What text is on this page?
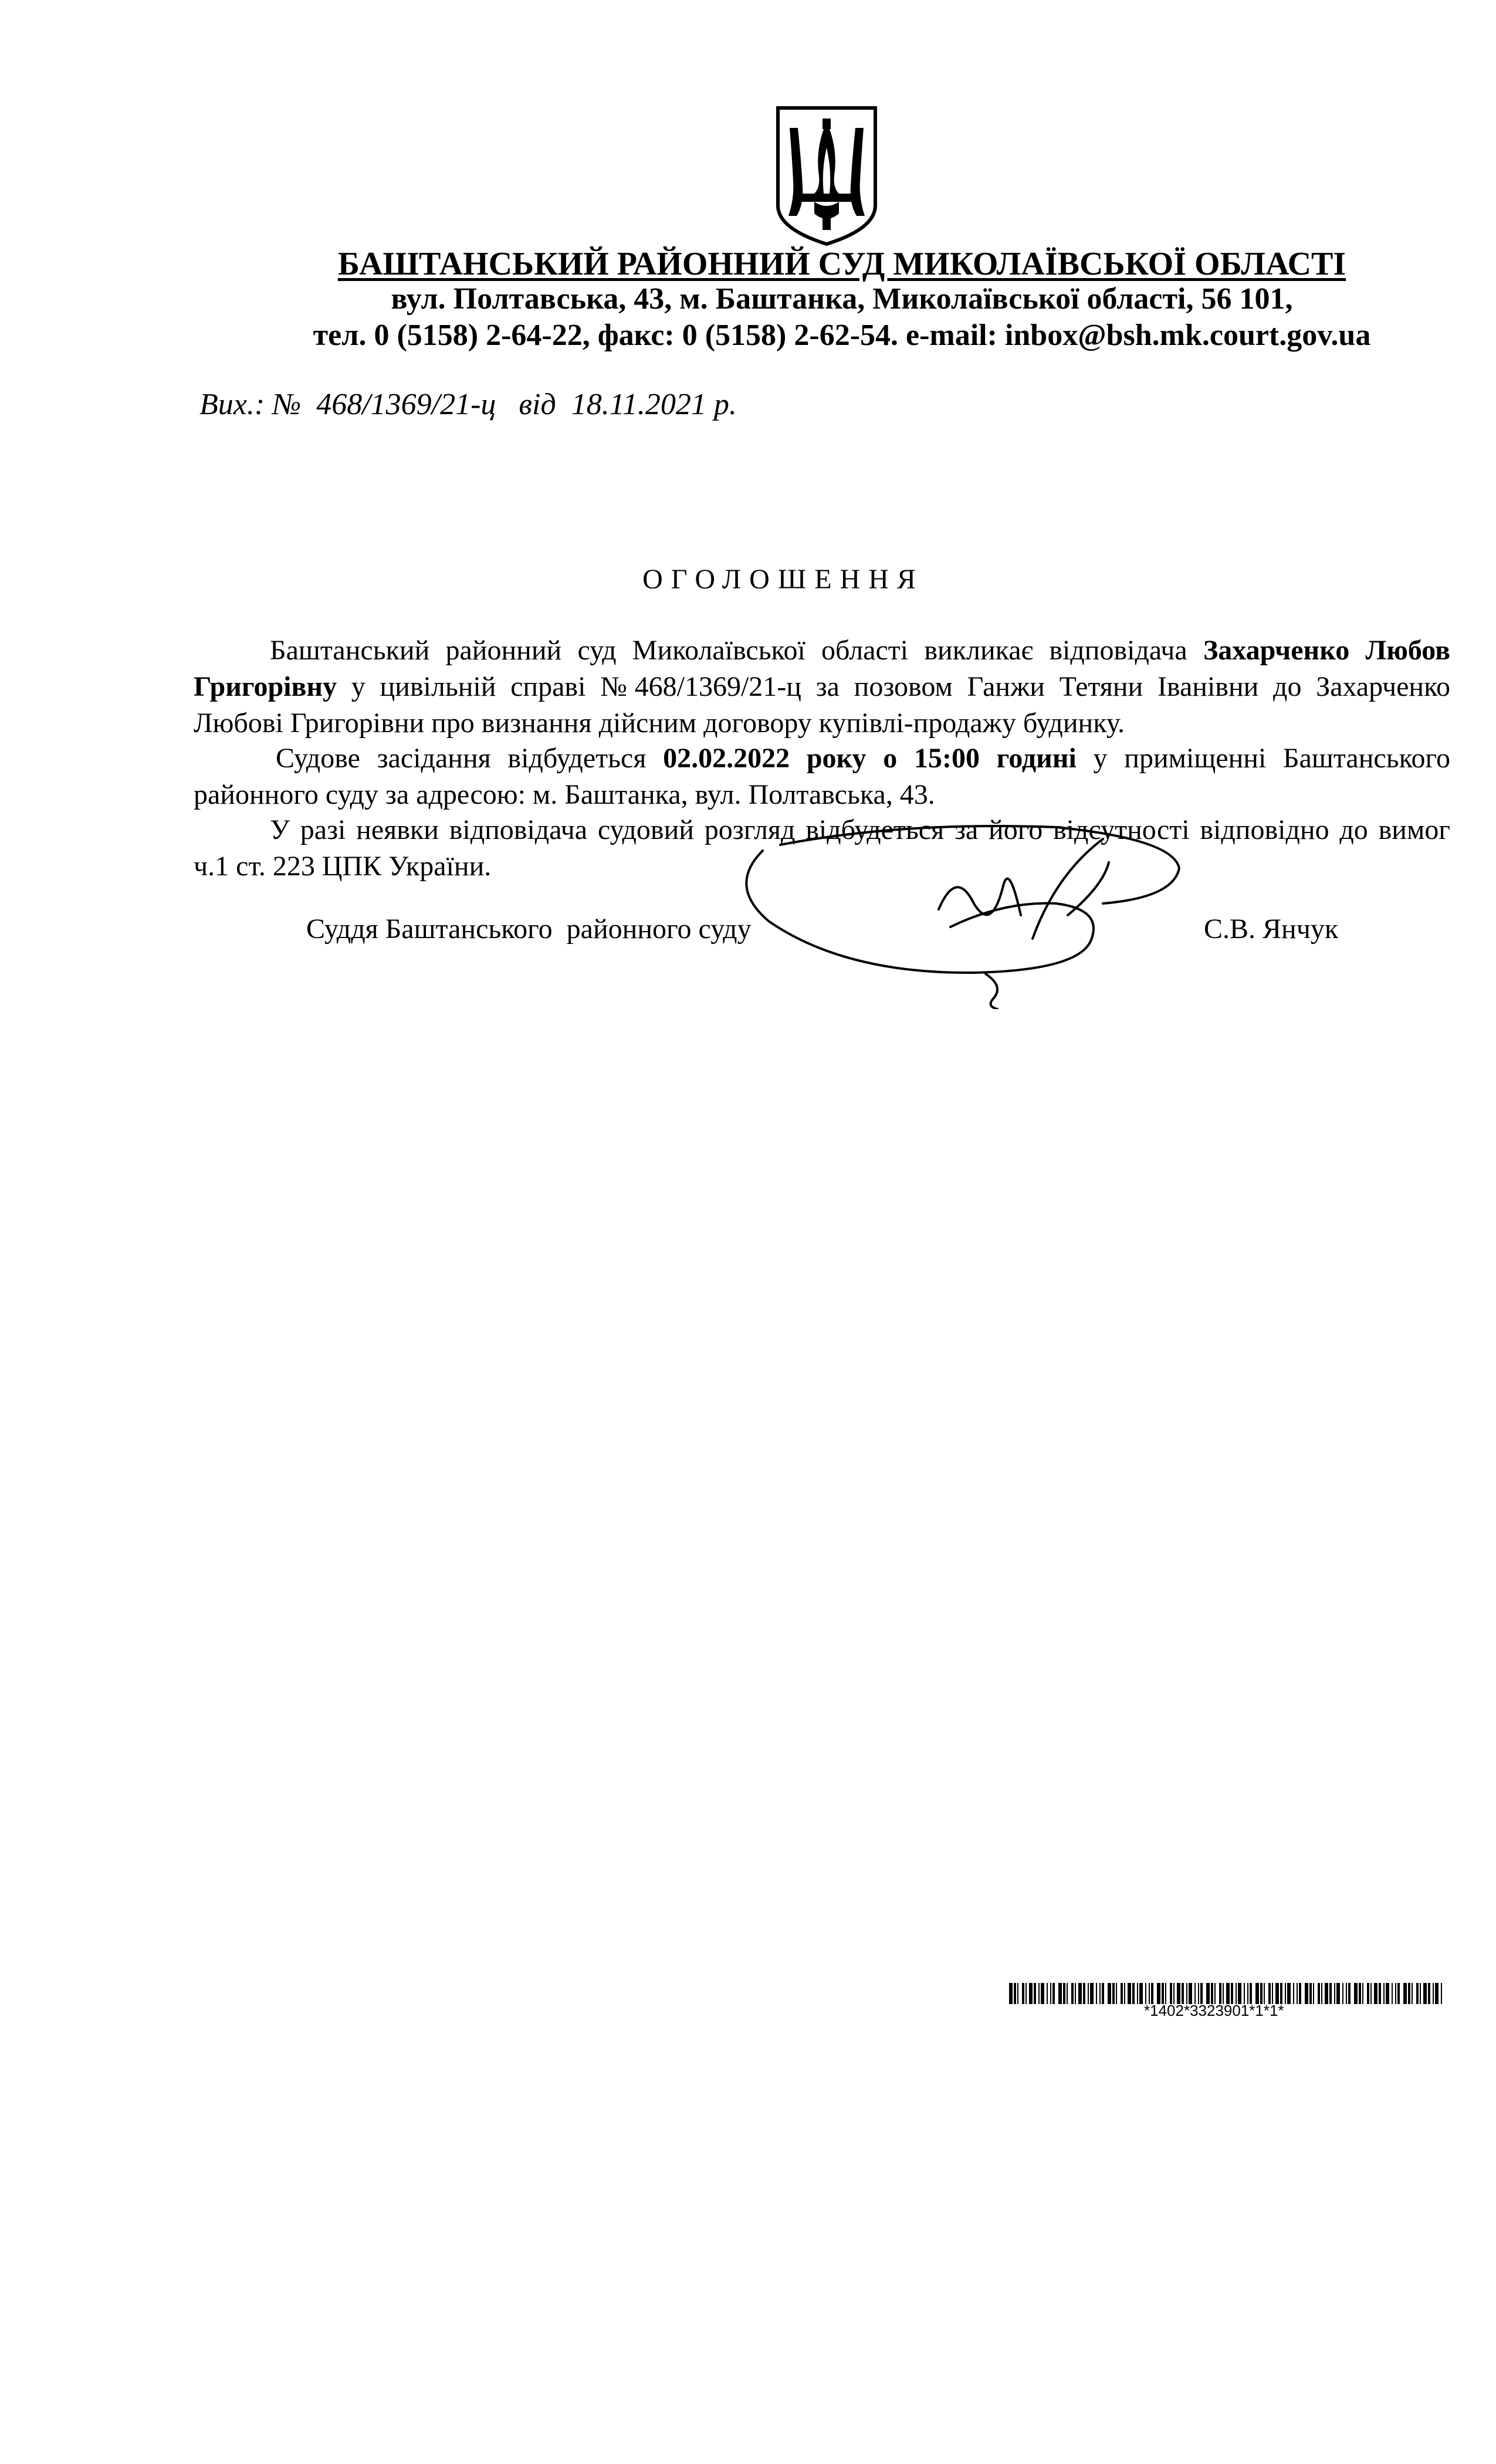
БАШТАНСЬКИЙ РАЙОННИЙ СУД МИКОЛАЇВСЬКОЇ ОБЛАСТІ
вул. Полтавська, 43, м. Баштанка, Миколаївської області, 56 101,
тел. 0 (5158) 2-64-22, факс: 0 (5158) 2-62-54. e-mail: inbox@bsh.mk.court.gov.ua
Вих.: № 468/1369/21-ц від 18.11.2021 р.
ОГОЛОШЕННЯ
Баштанський районний суд Миколаївської області викликає відповідача Захарченко Любов Григорівну у цивільній справі №468/1369/21-ц за позовом Ганжи Тетяни Іванівни до Захарченко Любові Григорівни про визнання дійсним договору купівлі-продажу будинку.
Судове засідання відбудеться 02.02.2022 року о 15:00 годині у приміщенні Баштанського районного суду за адресою: м. Баштанка, вул. Полтавська, 43.
У разі неявки відповідача судовий розгляд відбудеться за його відсутності відповідно до вимог ч.1 ст. 223 ЦПК України.
Суддя Баштанського  районного суду	С.В. Янчук
*1402*3323901*1*1*
